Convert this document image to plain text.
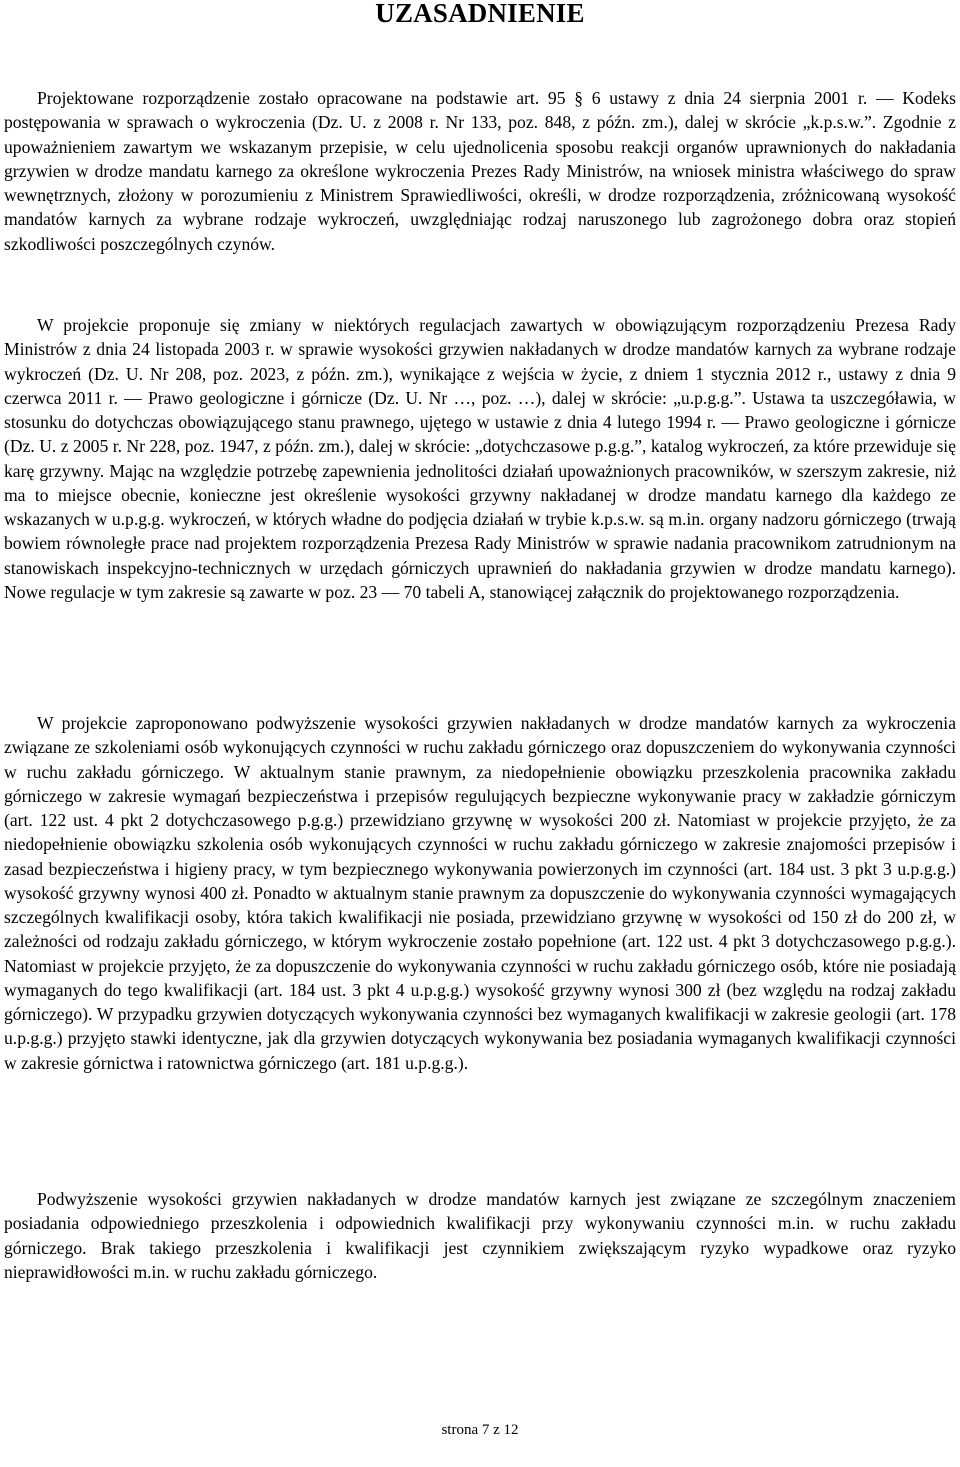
UZASADNIENIE

Projektowane rozporządzenie zostało opracowane na podstawie art. 95 § 6 ustawy z dnia 24 sierpnia 2001 r. — Kodeks postępowania w sprawach o wykroczenia (Dz. U. z 2008 r. Nr 133, poz. 848, z późn. zm.), dalej w skrócie „k.p.s.w.”. Zgodnie z upoważnieniem zawartym we wskazanym przepisie, w celu ujednolicenia sposobu reakcji organów uprawnionych do nakładania grzywien w drodze mandatu karnego za określone wykroczenia Prezes Rady Ministrów, na wniosek ministra właściwego do spraw wewnętrznych, złożony w porozumieniu z Ministrem Sprawiedliwości, określi, w drodze rozporządzenia, zróżnicowaną wysokość mandatów karnych za wybrane rodzaje wykroczeń, uwzględniając rodzaj naruszonego lub zagrożonego dobra oraz stopień szkodliwości poszczególnych czynów.

W projekcie proponuje się zmiany w niektórych regulacjach zawartych w obowiązującym rozporządzeniu Prezesa Rady Ministrów z dnia 24 listopada 2003 r. w sprawie wysokości grzywien nakładanych w drodze mandatów karnych za wybrane rodzaje wykroczeń (Dz. U. Nr 208, poz. 2023, z późn. zm.), wynikające z wejścia w życie, z dniem 1 stycznia 2012 r., ustawy z dnia 9 czerwca 2011 r. — Prawo geologiczne i górnicze (Dz. U. Nr …, poz. …), dalej w skrócie: „u.p.g.g.”. Ustawa ta uszczegóławia, w stosunku do dotychczas obowiązującego stanu prawnego, ujętego w ustawie z dnia 4 lutego 1994 r. — Prawo geologiczne i górnicze (Dz. U. z 2005 r. Nr 228, poz. 1947, z późn. zm.), dalej w skrócie: „dotychczasowe p.g.g.”, katalog wykroczeń, za które przewiduje się karę grzywny. Mając na względzie potrzebę zapewnienia jednolitości działań upoważnionych pracowników, w szerszym zakresie, niż ma to miejsce obecnie, konieczne jest określenie wysokości grzywny nakładanej w drodze mandatu karnego dla każdego ze wskazanych w u.p.g.g. wykroczeń, w których władne do podjęcia działań w trybie k.p.s.w. są m.in. organy nadzoru górniczego (trwają bowiem równoległe prace nad projektem rozporządzenia Prezesa Rady Ministrów w sprawie nadania pracownikom zatrudnionym na stanowiskach inspekcyjno-technicznych w urzędach górniczych uprawnień do nakładania grzywien w drodze mandatu karnego). Nowe regulacje w tym zakresie są zawarte w poz. 23 — 70 tabeli A, stanowiącej załącznik do projektowanego rozporządzenia.

W projekcie zaproponowano podwyższenie wysokości grzywien nakładanych w drodze mandatów karnych za wykroczenia związane ze szkoleniami osób wykonujących czynności w ruchu zakładu górniczego oraz dopuszczeniem do wykonywania czynności w ruchu zakładu górniczego. W aktualnym stanie prawnym, za niedopełnienie obowiązku przeszkolenia pracownika zakładu górniczego w zakresie wymagań bezpieczeństwa i przepisów regulujących bezpieczne wykonywanie pracy w zakładzie górniczym (art. 122 ust. 4 pkt 2 dotychczasowego p.g.g.) przewidziano grzywnę w wysokości 200 zł. Natomiast w projekcie przyjęto, że za niedopełnienie obowiązku szkolenia osób wykonujących czynności w ruchu zakładu górniczego w zakresie znajomości przepisów i zasad bezpieczeństwa i higieny pracy, w tym bezpiecznego wykonywania powierzonych im czynności (art. 184 ust. 3 pkt 3 u.p.g.g.) wysokość grzywny wynosi 400 zł. Ponadto w aktualnym stanie prawnym za dopuszczenie do wykonywania czynności wymagających szczególnych kwalifikacji osoby, która takich kwalifikacji nie posiada, przewidziano grzywnę w wysokości od 150 zł do 200 zł, w zależności od rodzaju zakładu górniczego, w którym wykroczenie zostało popełnione (art. 122 ust. 4 pkt 3 dotychczasowego p.g.g.). Natomiast w projekcie przyjęto, że za dopuszczenie do wykonywania czynności w ruchu zakładu górniczego osób, które nie posiadają wymaganych do tego kwalifikacji (art. 184 ust. 3 pkt 4 u.p.g.g.) wysokość grzywny wynosi 300 zł (bez względu na rodzaj zakładu górniczego). W przypadku grzywien dotyczących wykonywania czynności bez wymaganych kwalifikacji w zakresie geologii (art. 178 u.p.g.g.) przyjęto stawki identyczne, jak dla grzywien dotyczących wykonywania bez posiadania wymaganych kwalifikacji czynności w zakresie górnictwa i ratownictwa górniczego (art. 181 u.p.g.g.).

Podwyższenie wysokości grzywien nakładanych w drodze mandatów karnych jest związane ze szczególnym znaczeniem posiadania odpowiedniego przeszkolenia i odpowiednich kwalifikacji przy wykonywaniu czynności m.in. w ruchu zakładu górniczego. Brak takiego przeszkolenia i kwalifikacji jest czynnikiem zwiększającym ryzyko wypadkowe oraz ryzyko nieprawidłowości m.in. w ruchu zakładu górniczego.

strona 7 z 12
